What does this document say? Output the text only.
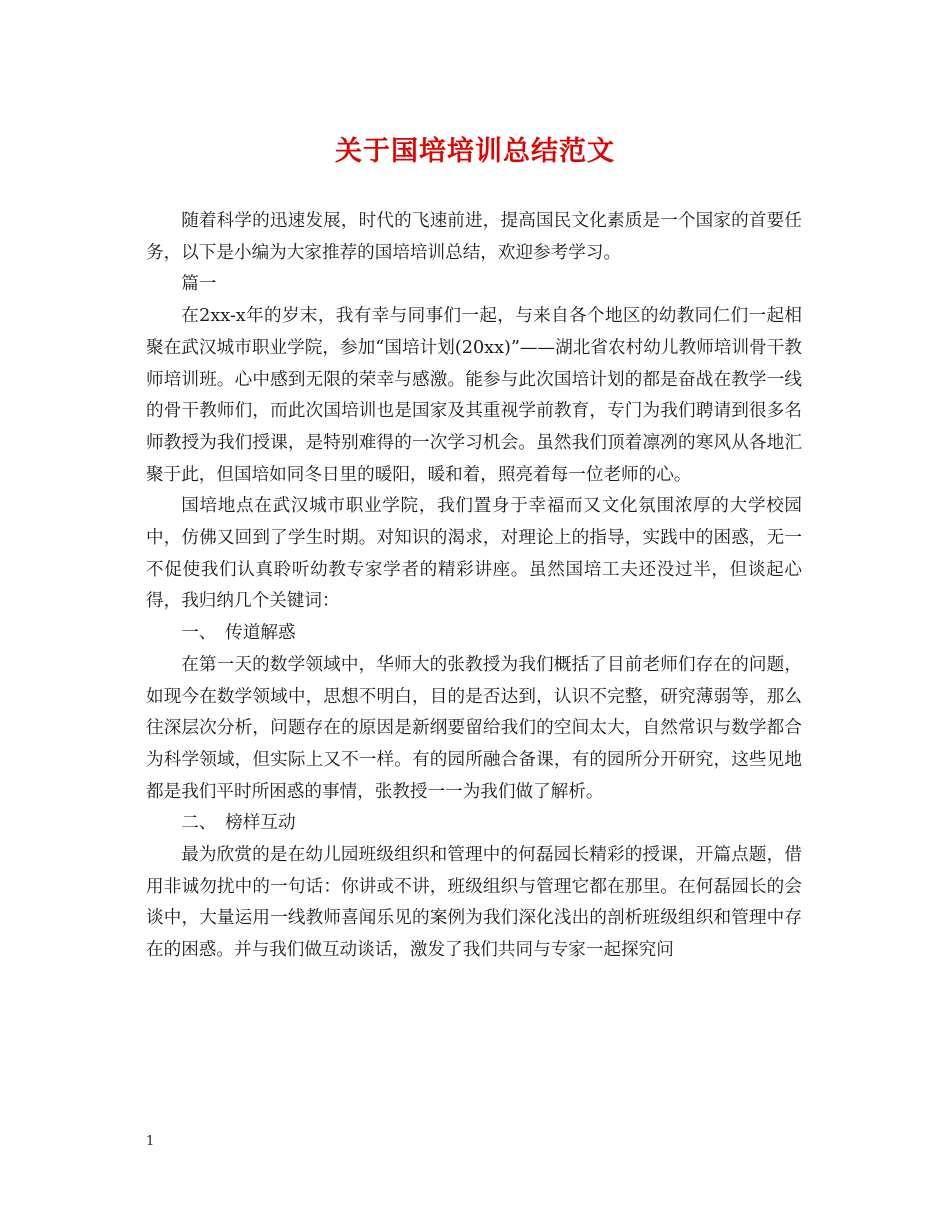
关于国培培训总结范文

随着科学的迅速发展，时代的飞速前进，提高国民文化素质是一个国家的首要任务，以下是小编为大家推荐的国培培训总结，欢迎参考学习。

篇一

在2xx-x年的岁末，我有幸与同事们一起，与来自各个地区的幼教同仁们一起相聚在武汉城市职业学院，参加“国培计划(20xx)”——湖北省农村幼儿教师培训骨干教师培训班。心中感到无限的荣幸与感激。能参与此次国培计划的都是奋战在教学一线的骨干教师们，而此次国培训也是国家及其重视学前教育，专门为我们聘请到很多名师教授为我们授课，是特别难得的一次学习机会。虽然我们顶着凛冽的寒风从各地汇聚于此，但国培如同冬日里的暖阳，暖和着，照亮着每一位老师的心。

国培地点在武汉城市职业学院，我们置身于幸福而又文化氛围浓厚的大学校园中，仿佛又回到了学生时期。对知识的渴求，对理论上的指导，实践中的困惑，无一不促使我们认真聆听幼教专家学者的精彩讲座。虽然国培工夫还没过半，但谈起心得，我归纳几个关键词：

一、　传道解惑

在第一天的数学领域中，华师大的张教授为我们概括了目前老师们存在的问题，如现今在数学领域中，思想不明白，目的是否达到，认识不完整，研究薄弱等，那么往深层次分析，问题存在的原因是新纲要留给我们的空间太大，自然常识与数学都合为科学领域，但实际上又不一样。有的园所融合备课，有的园所分开研究，这些见地都是我们平时所困惑的事情，张教授一一为我们做了解析。

二、　榜样互动

最为欣赏的是在幼儿园班级组织和管理中的何磊园长精彩的授课，开篇点题，借用非诚勿扰中的一句话：你讲或不讲，班级组织与管理它都在那里。在何磊园长的会谈中，大量运用一线教师喜闻乐见的案例为我们深化浅出的剖析班级组织和管理中存在的困惑。并与我们做互动谈话，激发了我们共同与专家一起探究问

1
